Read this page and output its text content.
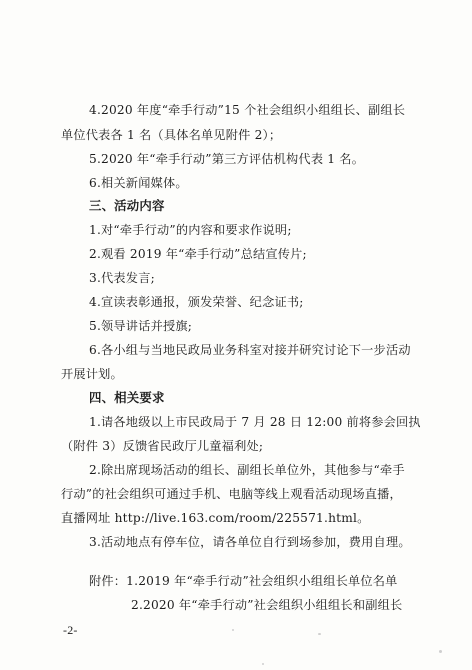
4.2020 年度“牵手行动”15 个社会组织小组组长、副组长
单位代表各 1 名（具体名单见附件 2）；
5.2020 年“牵手行动”第三方评估机构代表 1 名。
6.相关新闻媒体。
三、活动内容
1.对“牵手行动”的内容和要求作说明;
2.观看 2019 年“牵手行动”总结宣传片;
3.代表发言;
4.宣读表彰通报，颁发荣誉、纪念证书;
5.领导讲话并授旗;
6.各小组与当地民政局业务科室对接并研究讨论下一步活动
开展计划。
四、相关要求
1.请各地级以上市民政局于 7 月 28 日 12:00 前将参会回执
（附件 3）反馈省民政厅儿童福利处;
2.除出席现场活动的组长、副组长单位外，其他参与“牵手
行动”的社会组织可通过手机、电脑等线上观看活动现场直播，
直播网址 http://live.163.com/room/225571.html。
3.活动地点有停车位，请各单位自行到场参加，费用自理。
附件：1.2019 年“牵手行动”社会组织小组组长单位名单
2.2020 年“牵手行动”社会组织小组组长和副组长
-2-
